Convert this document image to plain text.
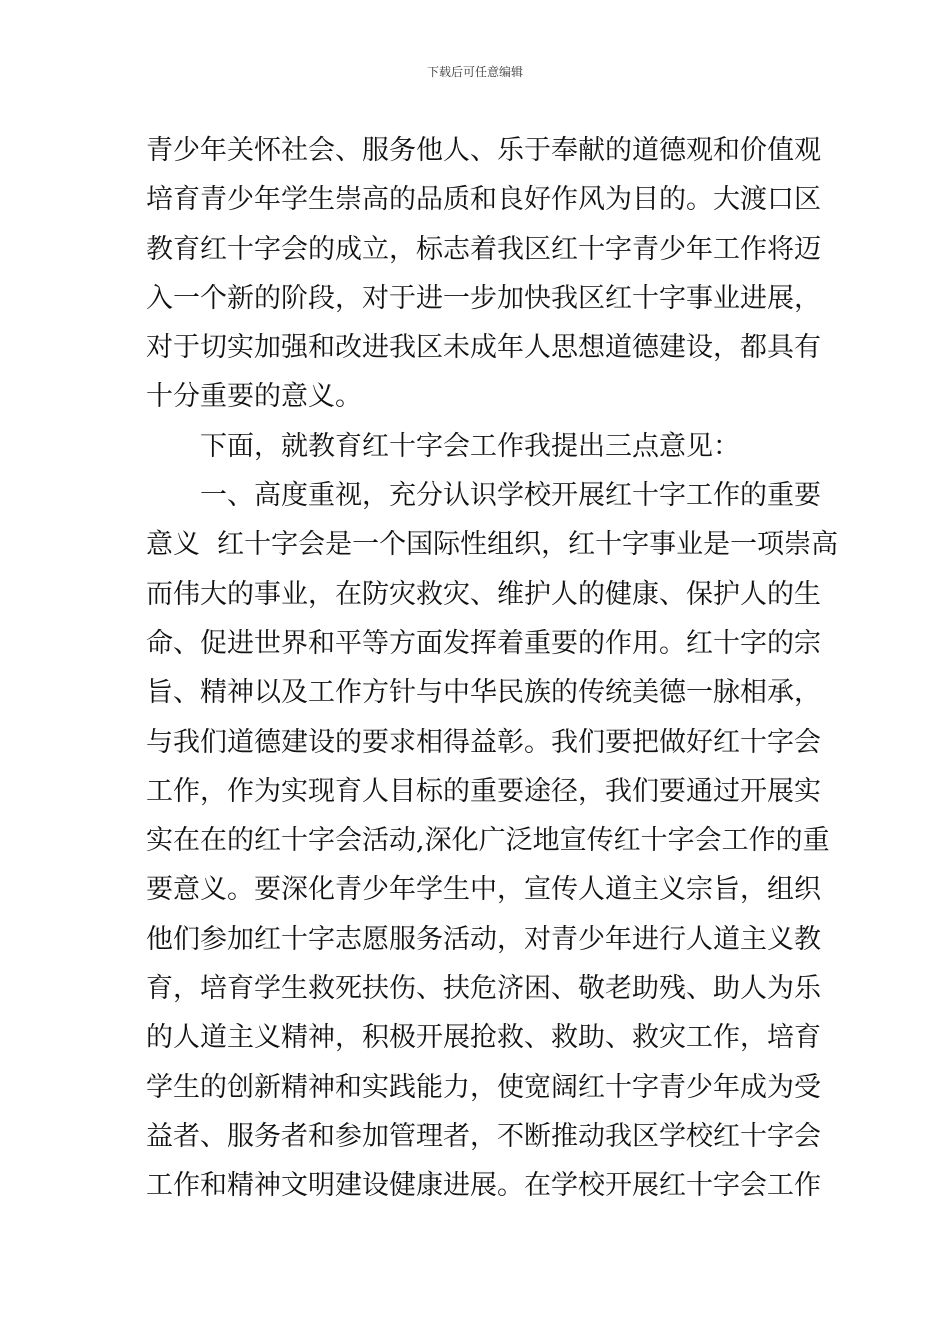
下载后可任意编辑
青少年关怀社会、服务他人、乐于奉献的道德观和价值观
培育青少年学生崇高的品质和良好作风为目的。大渡口区
教育红十字会的成立，标志着我区红十字青少年工作将迈
入一个新的阶段，对于进一步加快我区红十字事业进展，
对于切实加强和改进我区未成年人思想道德建设，都具有
十分重要的意义。
下面，就教育红十字会工作我提出三点意见：
一、高度重视，充分认识学校开展红十字工作的重要
意义  红十字会是一个国际性组织，红十字事业是一项崇高
而伟大的事业，在防灾救灾、维护人的健康、保护人的生
命、促进世界和平等方面发挥着重要的作用。红十字的宗
旨、精神以及工作方针与中华民族的传统美德一脉相承，
与我们道德建设的要求相得益彰。我们要把做好红十字会
工作，作为实现育人目标的重要途径，我们要通过开展实
实在在的红十字会活动,深化广泛地宣传红十字会工作的重
要意义。要深化青少年学生中，宣传人道主义宗旨，组织
他们参加红十字志愿服务活动，对青少年进行人道主义教
育，培育学生救死扶伤、扶危济困、敬老助残、助人为乐
的人道主义精神，积极开展抢救、救助、救灾工作，培育
学生的创新精神和实践能力，使宽阔红十字青少年成为受
益者、服务者和参加管理者，不断推动我区学校红十字会
工作和精神文明建设健康进展。在学校开展红十字会工作
